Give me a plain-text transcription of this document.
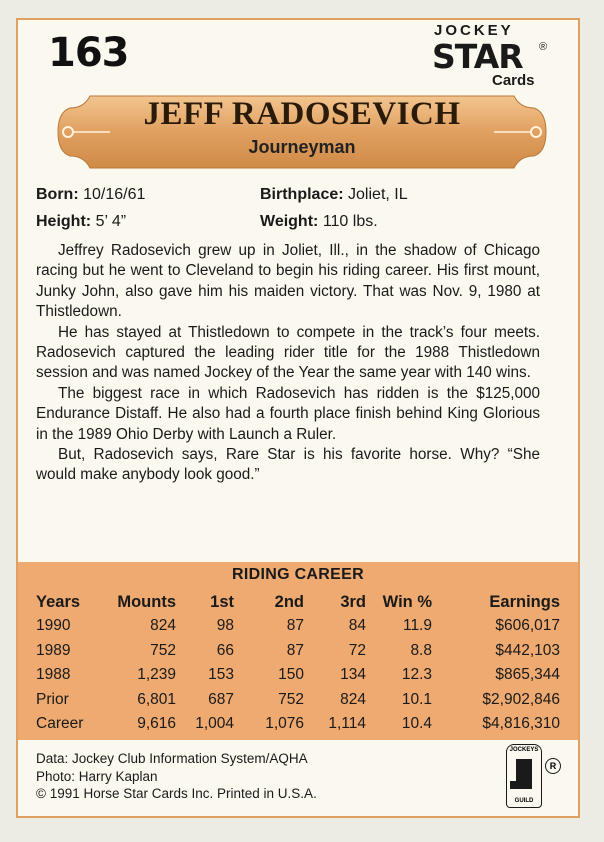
163	JOCKEY
STAR ®
Cards
JEFF RADOSEVICH
Journeyman
Born: 10/16/61	Birthplace: Joliet, IL
Height: 5’ 4”	Weight: 110 lbs.

Jeffrey Radosevich grew up in Joliet, Ill., in the shadow of Chicago racing but he went to Cleveland to begin his riding career. His first mount, Junky John, also gave him his maiden victory. That was Nov. 9, 1980 at Thistledown.

He has stayed at Thistledown to compete in the track’s four meets. Radosevich captured the leading rider title for the 1988 Thistledown session and was named Jockey of the Year the same year with 140 wins.

The biggest race in which Radosevich has ridden is the $125,000 Endurance Distaff. He also had a fourth place finish behind King Glorious in the 1989 Ohio Derby with Launch a Ruler.

But, Radosevich says, Rare Star is his favorite horse. Why? “She would make anybody look good.”

RIDING CAREER
Years	Mounts	1st	2nd	3rd	Win %	Earnings
1990	824	98	87	84	11.9	$606,017
1989	752	66	87	72	8.8	$442,103
1988	1,239	153	150	134	12.3	$865,344
Prior	6,801	687	752	824	10.1	$2,902,846
Career	9,616	1,004	1,076	1,114	10.4	$4,816,310
Data: Jockey Club Information System/AQHA
Photo: Harry Kaplan
© 1991 Horse Star Cards Inc. Printed in U.S.A.
JOCKEYS
GUILD
R
